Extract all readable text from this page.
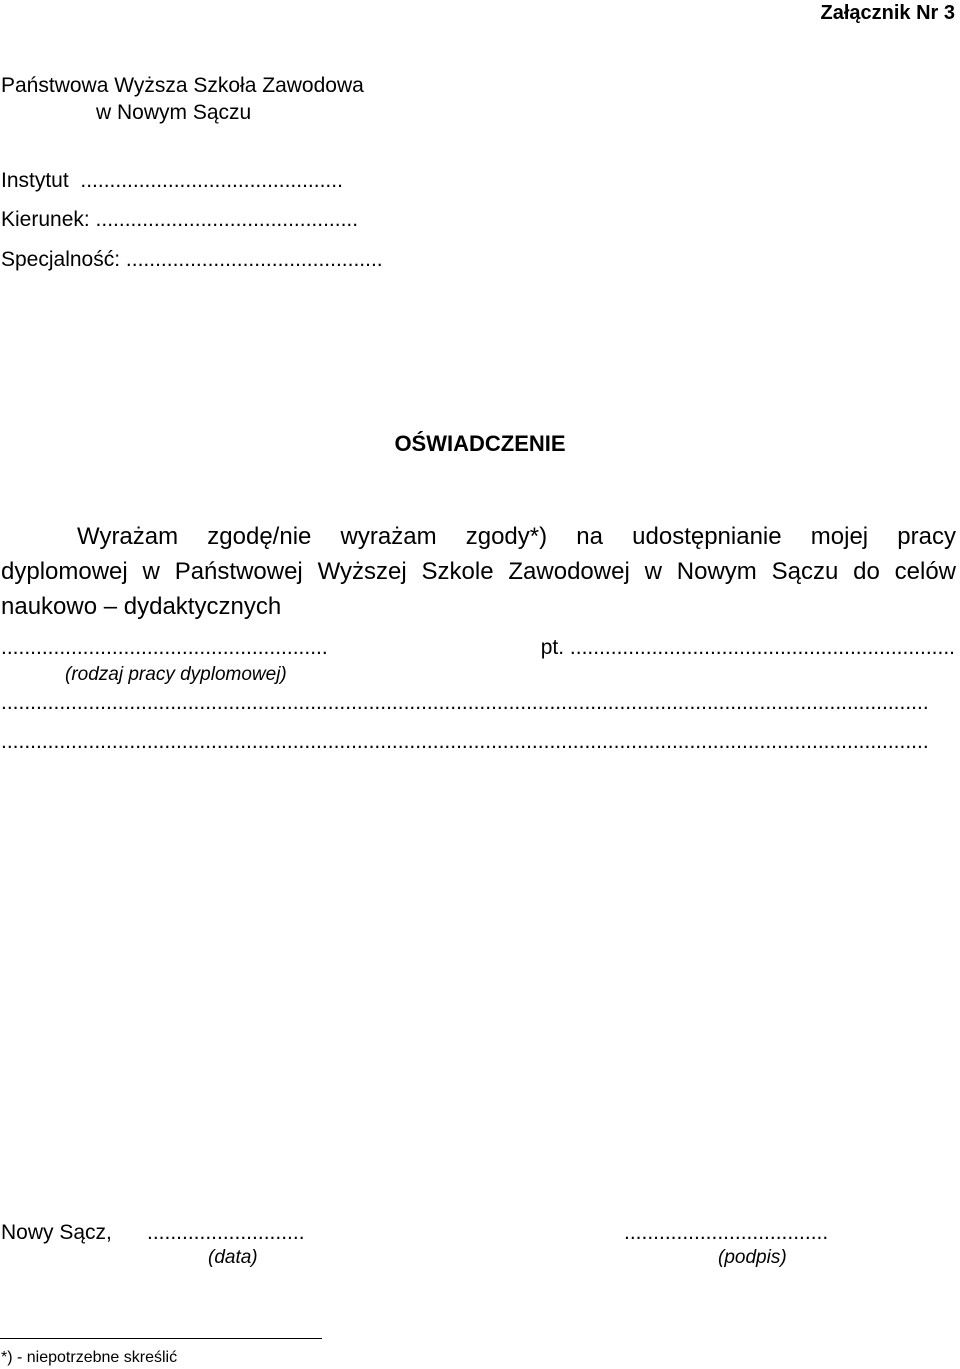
Załącznik Nr 3
Państwowa Wyższa Szkoła Zawodowa
w Nowym Sączu
Instytut  .............................................
Kierunek: .............................................
Specjalność: ............................................
OŚWIADCZENIE

Wyrażam zgodę/nie wyrażam zgody*) na udostępnianie mojej pracy
dyplomowej w Państwowej Wyższej Szkole Zawodowej w Nowym Sączu do celów
naukowo – dydaktycznych

........................................................	pt. ..................................................................
(rodzaj pracy dyplomowej)
...............................................................................................................................................................
...............................................................................................................................................................
Nowy Sącz, ...........................	...................................
(data)	(podpis)
*) - niepotrzebne skreślić
